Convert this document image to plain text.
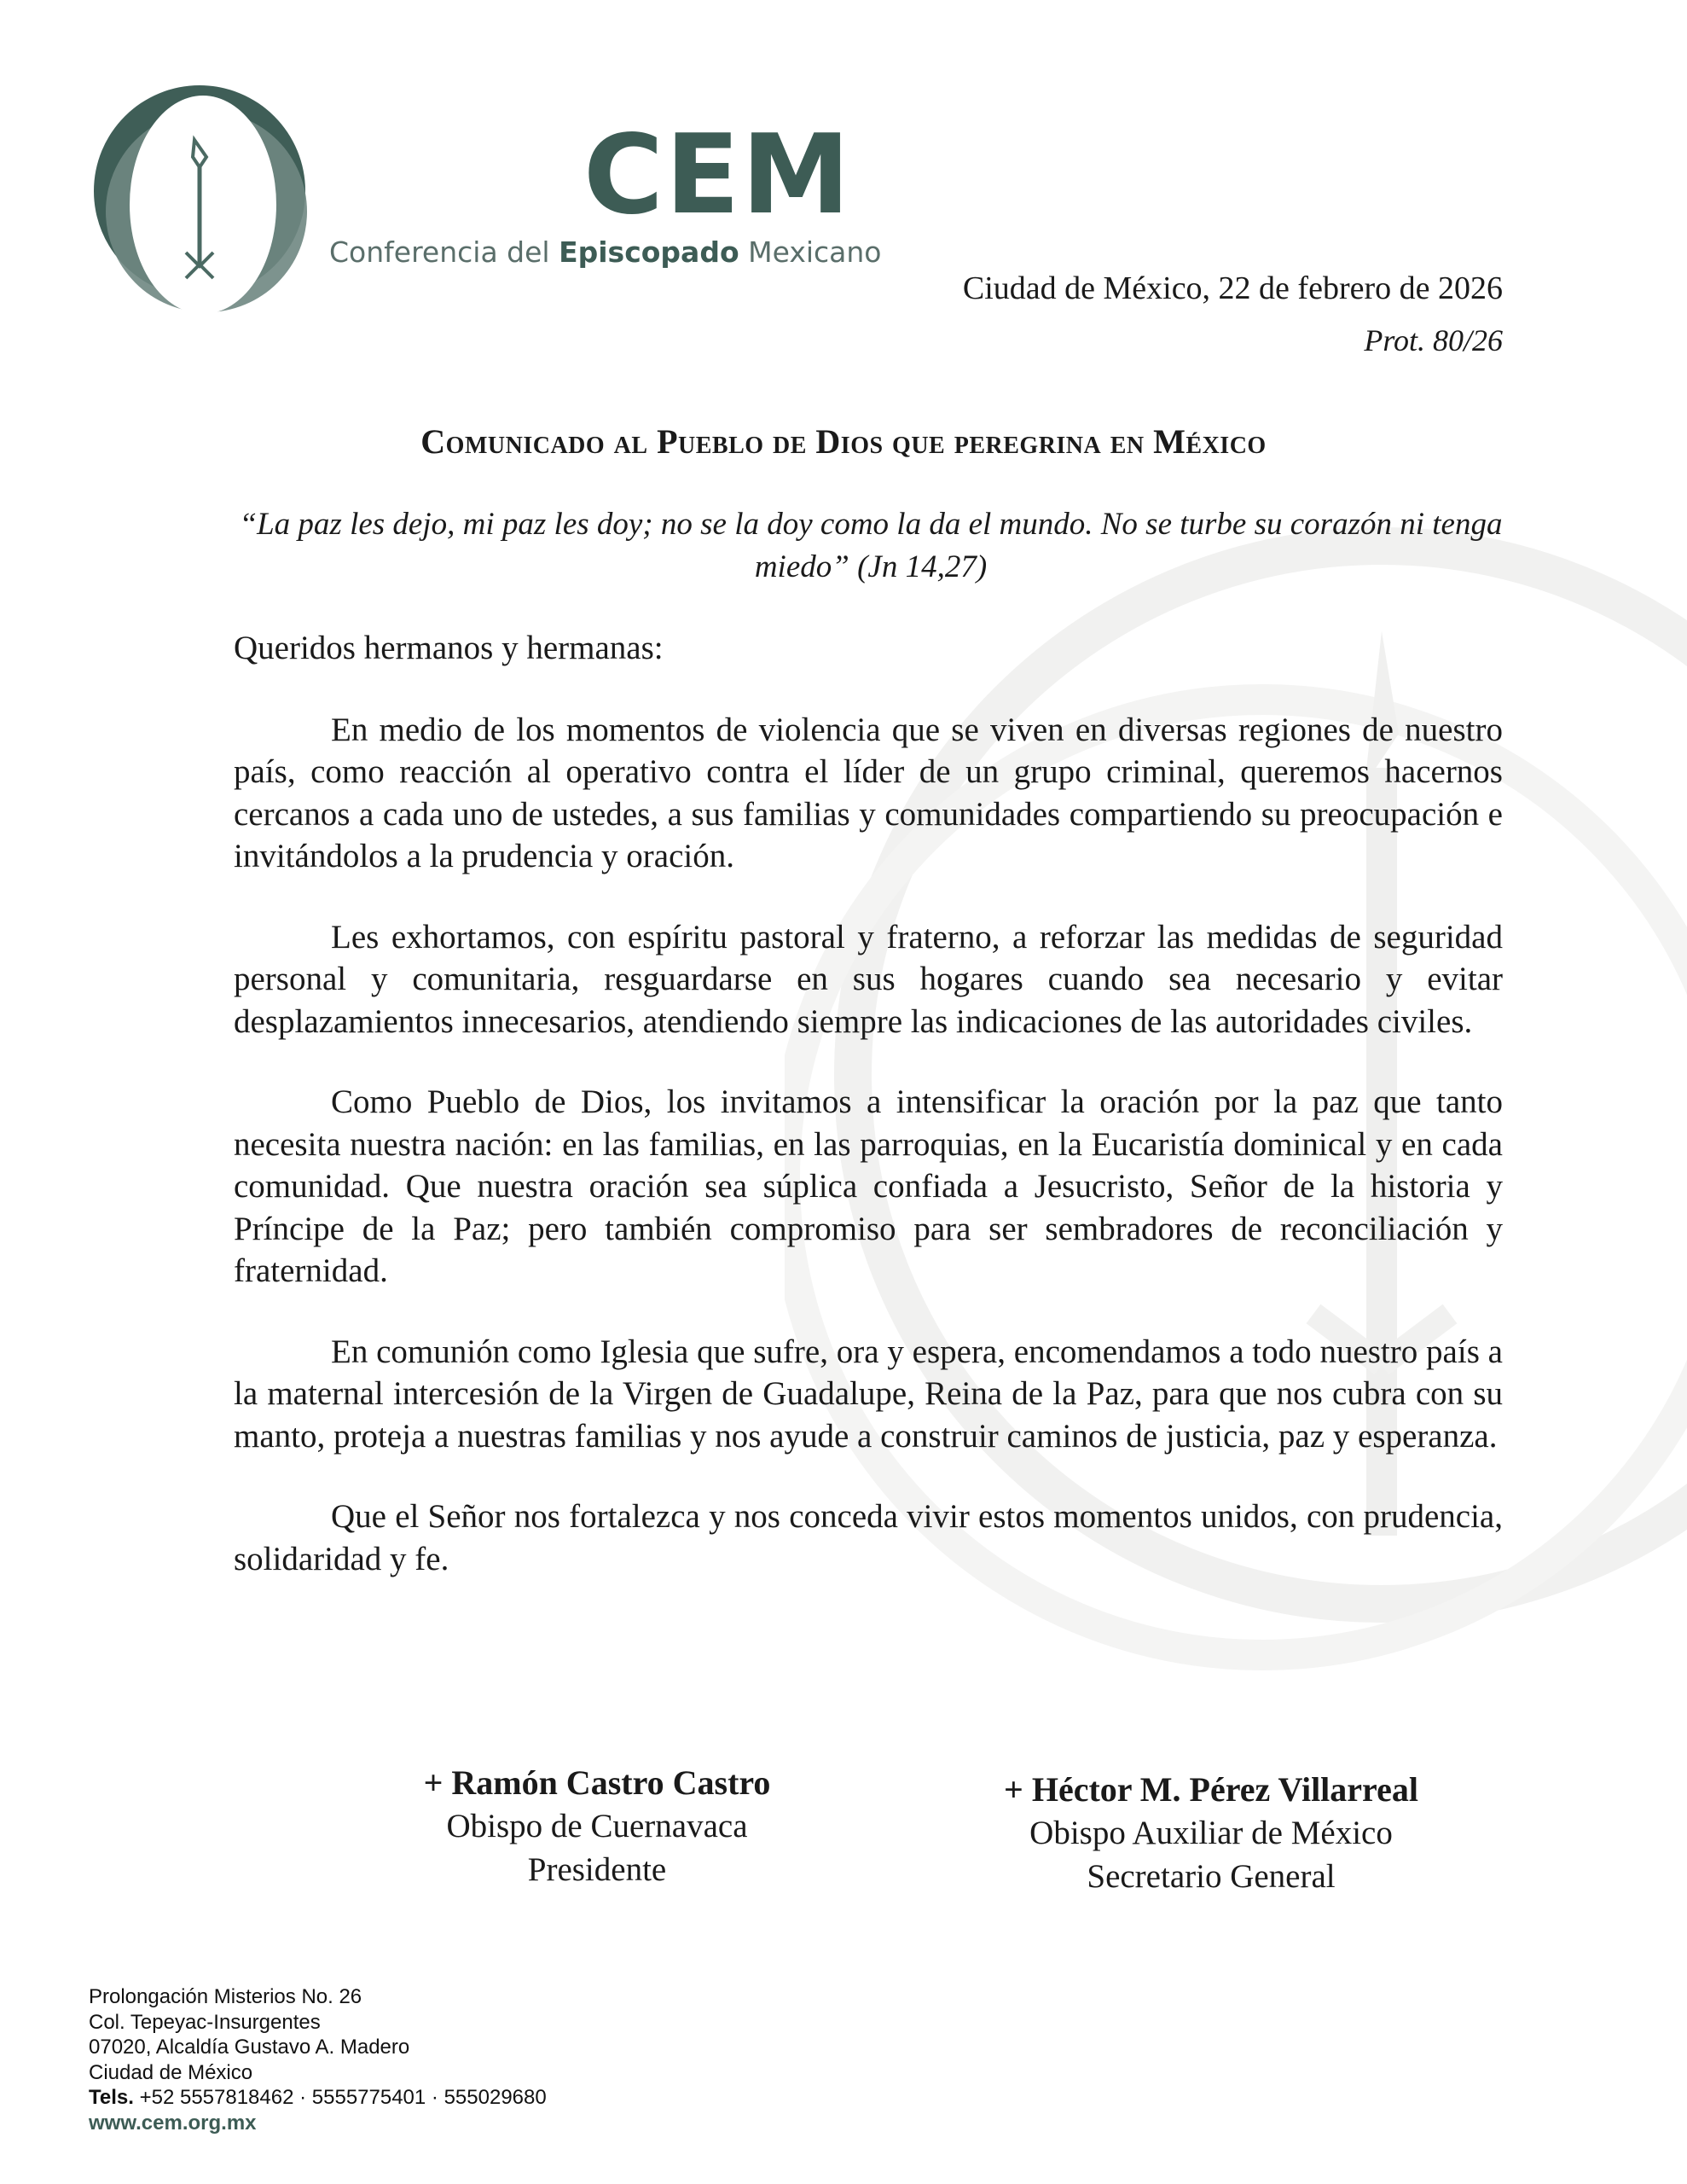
CEM
Conferencia del Episcopado Mexicano
Ciudad de México, 22 de febrero de 2026
Prot. 80/26
Comunicado al Pueblo de Dios que peregrina en México
“La paz les dejo, mi paz les doy; no se la doy como la da el mundo. No se turbe su corazón ni tenga miedo” (Jn 14,27)

Queridos hermanos y hermanas:

En medio de los momentos de violencia que se viven en diversas regiones de nuestro país, como reacción al operativo contra el líder de un grupo criminal, queremos hacernos cercanos a cada uno de ustedes, a sus familias y comunidades compartiendo su preocupación e invitándolos a la prudencia y oración.

Les exhortamos, con espíritu pastoral y fraterno, a reforzar las medidas de seguridad personal y comunitaria, resguardarse en sus hogares cuando sea necesario y evitar desplazamientos innecesarios, atendiendo siempre las indicaciones de las autoridades civiles.

Como Pueblo de Dios, los invitamos a intensificar la oración por la paz que tanto necesita nuestra nación: en las familias, en las parroquias, en la Eucaristía dominical y en cada comunidad. Que nuestra oración sea súplica confiada a Jesucristo, Señor de la historia y Príncipe de la Paz; pero también compromiso para ser sembradores de reconciliación y fraternidad.

En comunión como Iglesia que sufre, ora y espera, encomendamos a todo nuestro país a la maternal intercesión de la Virgen de Guadalupe, Reina de la Paz, para que nos cubra con su manto, proteja a nuestras familias y nos ayude a construir caminos de justicia, paz y esperanza.

Que el Señor nos fortalezca y nos conceda vivir estos momentos unidos, con prudencia, solidaridad y fe.

+ Ramón Castro Castro
Obispo de Cuernavaca
Presidente
+ Héctor M. Pérez Villarreal
Obispo Auxiliar de México
Secretario General
Prolongación Misterios No. 26
Col. Tepeyac-Insurgentes
07020, Alcaldía Gustavo A. Madero
Ciudad de México
Tels. +52 5557818462 · 5555775401 · 555029680
www.cem.org.mx
